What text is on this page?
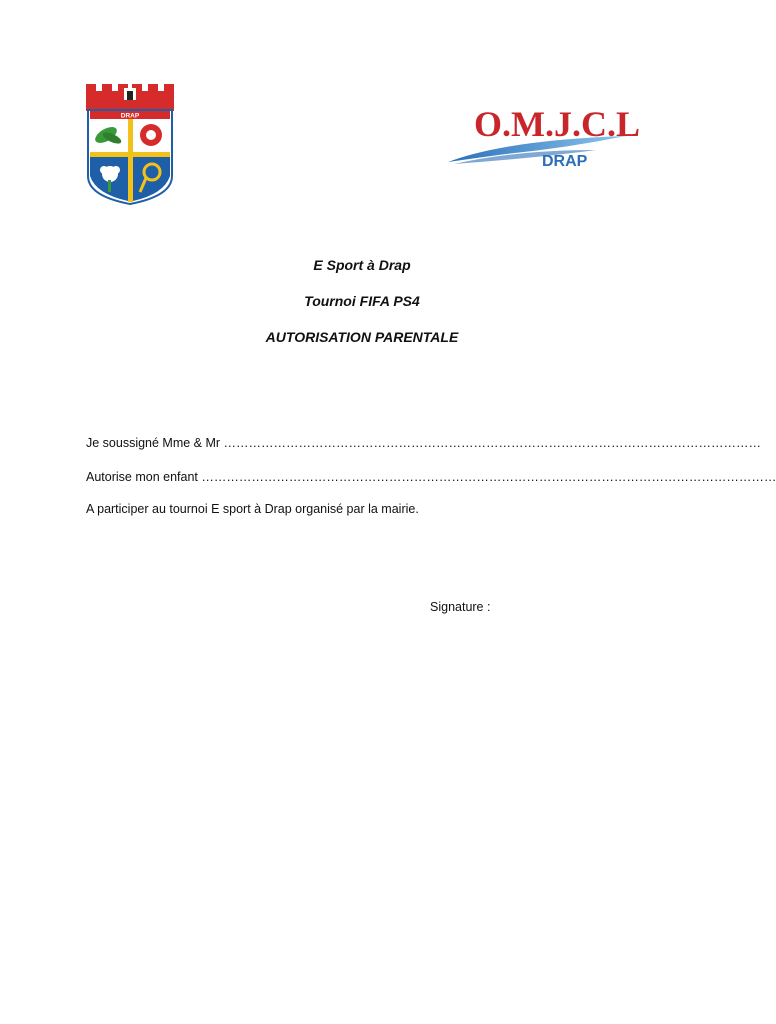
DRAP	O.M.J.C.L
DRAP
E Sport à Drap
Tournoi FIFA PS4
AUTORISATION PARENTALE
Je soussigné Mme & Mr …………………………………………………………………………………………………………………
Autorise mon enfant …………………………………………………………………………………………………………………………
A participer au tournoi E sport à Drap organisé par la mairie.
Signature :
